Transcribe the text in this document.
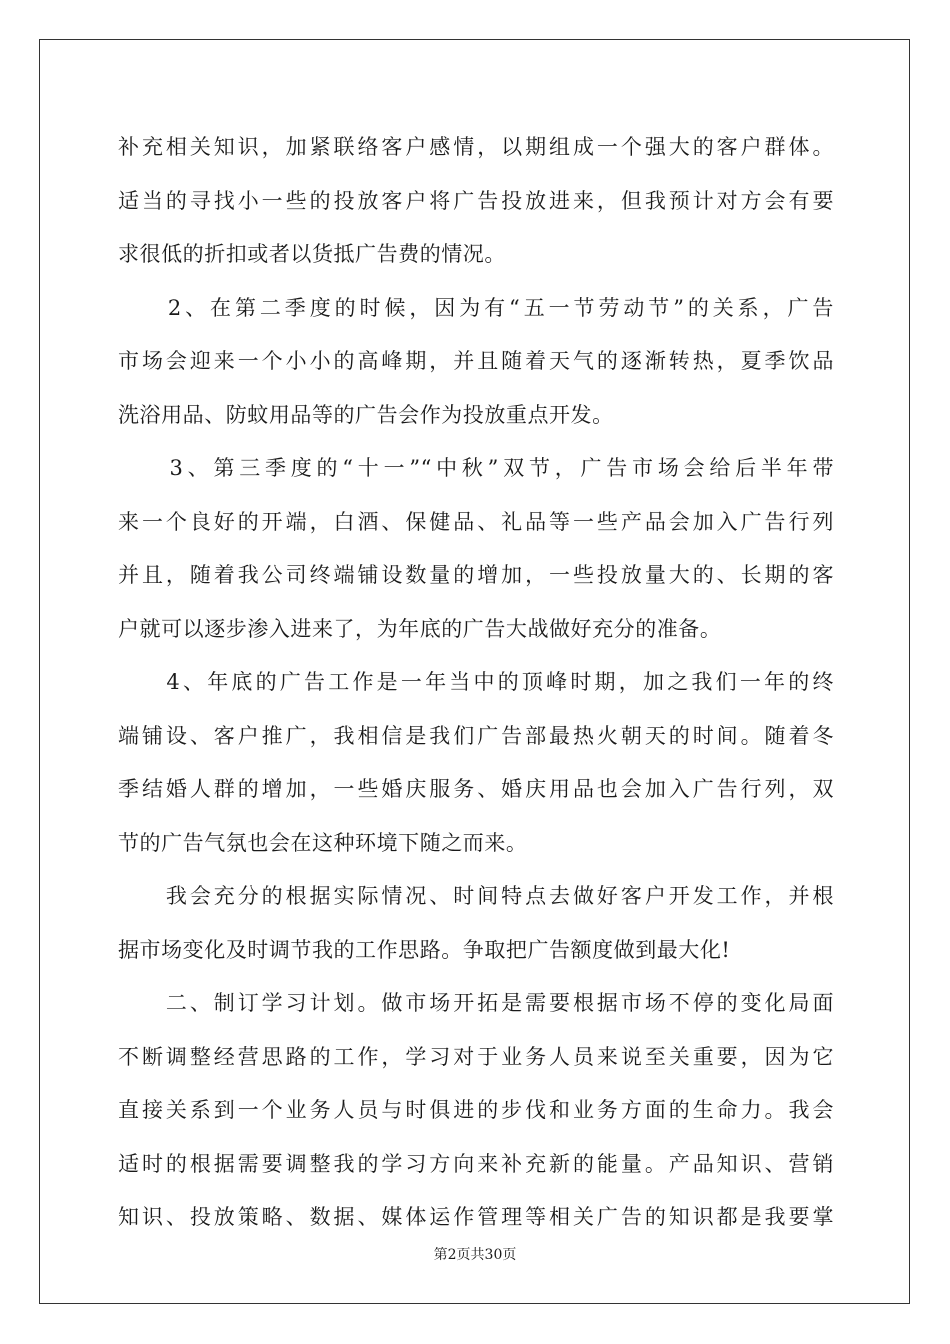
补充相关知识，加紧联络客户感情，以期组成一个强大的客户群体。
适当的寻找小一些的投放客户将广告投放进来，但我预计对方会有要
求很低的折扣或者以货抵广告费的情况。
　　2、在第二季度的时候，因为有“五一节劳动节”的关系，广告
市场会迎来一个小小的高峰期，并且随着天气的逐渐转热，夏季饮品
洗浴用品、防蚊用品等的广告会作为投放重点开发。
　　3、第三季度的“十一”“中秋”双节，广告市场会给后半年带
来一个良好的开端，白酒、保健品、礼品等一些产品会加入广告行列
并且，随着我公司终端铺设数量的增加，一些投放量大的、长期的客
户就可以逐步渗入进来了，为年底的广告大战做好充分的准备。
　　4、年底的广告工作是一年当中的顶峰时期，加之我们一年的终
端铺设、客户推广，我相信是我们广告部最热火朝天的时间。随着冬
季结婚人群的增加，一些婚庆服务、婚庆用品也会加入广告行列，双
节的广告气氛也会在这种环境下随之而来。
　　我会充分的根据实际情况、时间特点去做好客户开发工作，并根
据市场变化及时调节我的工作思路。争取把广告额度做到最大化!
　　二、制订学习计划。做市场开拓是需要根据市场不停的变化局面
不断调整经营思路的工作，学习对于业务人员来说至关重要，因为它
直接关系到一个业务人员与时俱进的步伐和业务方面的生命力。我会
适时的根据需要调整我的学习方向来补充新的能量。产品知识、营销
知识、投放策略、数据、媒体运作管理等相关广告的知识都是我要掌
第2页共30页
